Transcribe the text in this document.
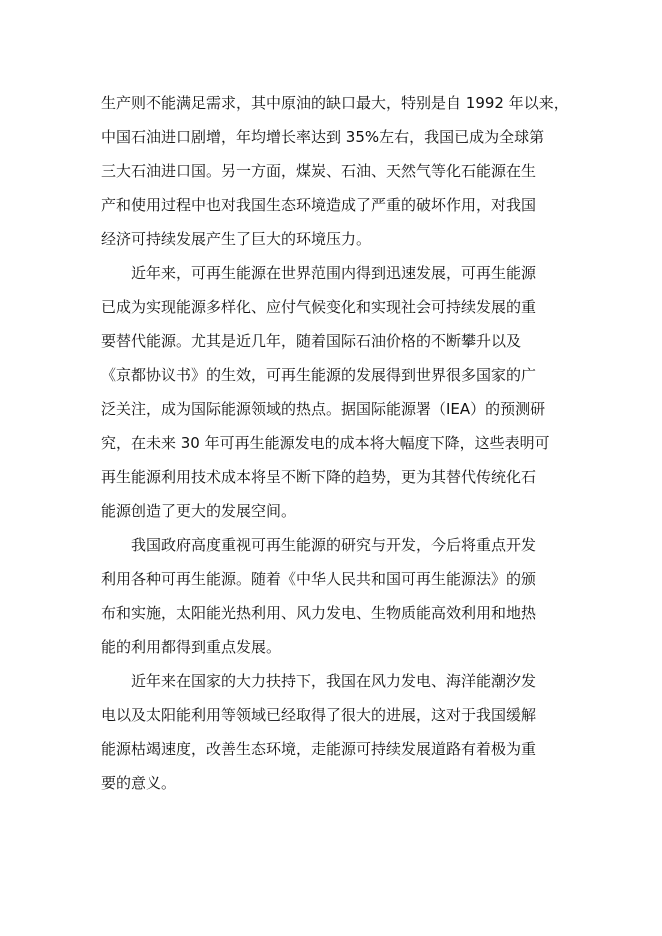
生产则不能满足需求，其中原油的缺口最大，特别是自 1992 年以来，
中国石油进口剧增，年均增长率达到 35%左右，我国已成为全球第
三大石油进口国。另一方面，煤炭、石油、天然气等化石能源在生
产和使用过程中也对我国生态环境造成了严重的破坏作用，对我国
经济可持续发展产生了巨大的环境压力。
近年来，可再生能源在世界范围内得到迅速发展，可再生能源
已成为实现能源多样化、应付气候变化和实现社会可持续发展的重
要替代能源。尤其是近几年，随着国际石油价格的不断攀升以及
《京都协议书》的生效，可再生能源的发展得到世界很多国家的广
泛关注，成为国际能源领域的热点。据国际能源署（IEA）的预测研
究，在未来 30 年可再生能源发电的成本将大幅度下降，这些表明可
再生能源利用技术成本将呈不断下降的趋势，更为其替代传统化石
能源创造了更大的发展空间。
我国政府高度重视可再生能源的研究与开发，今后将重点开发
利用各种可再生能源。随着《中华人民共和国可再生能源法》的颁
布和实施，太阳能光热利用、风力发电、生物质能高效利用和地热
能的利用都得到重点发展。
近年来在国家的大力扶持下，我国在风力发电、海洋能潮汐发
电以及太阳能利用等领域已经取得了很大的进展，这对于我国缓解
能源枯竭速度，改善生态环境，走能源可持续发展道路有着极为重
要的意义。
